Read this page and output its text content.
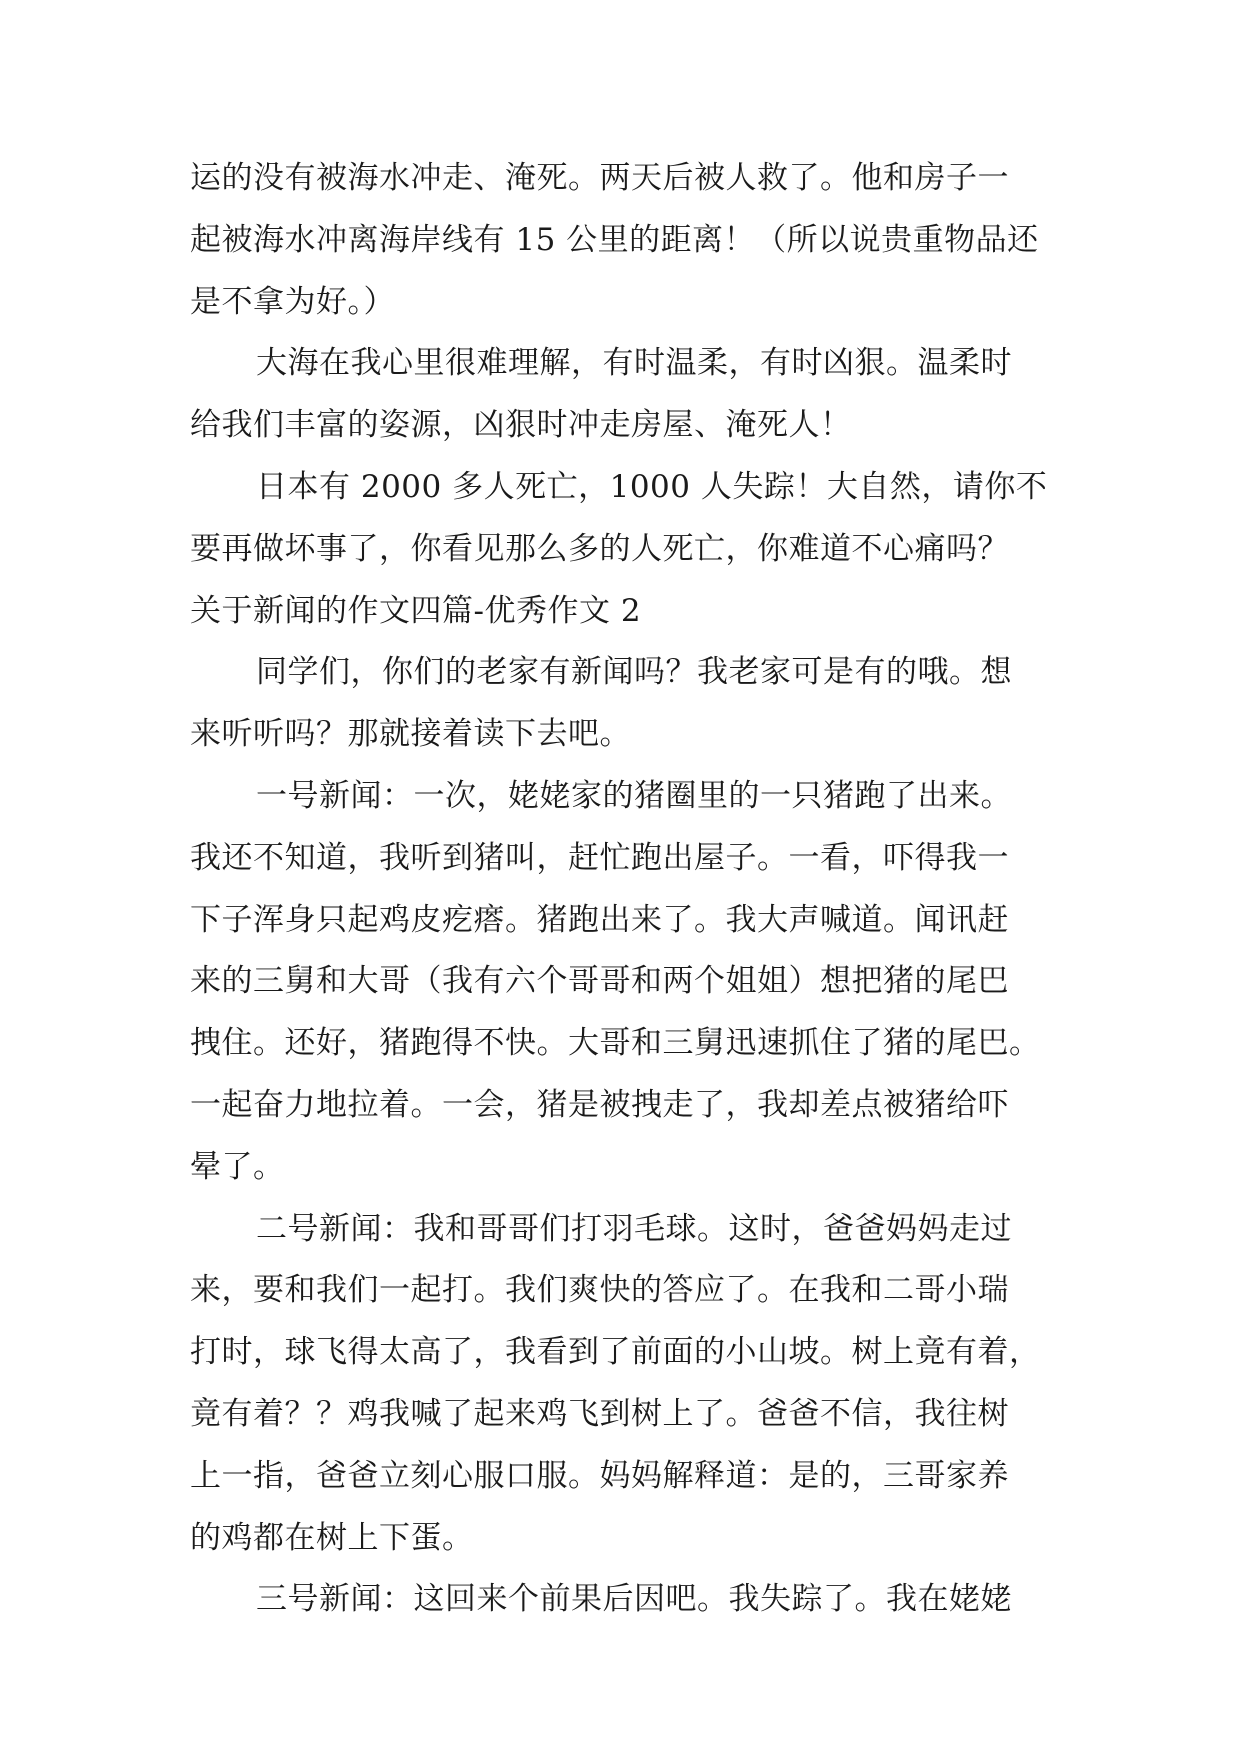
运的没有被海水冲走、淹死。两天后被人救了。他和房子一
起被海水冲离海岸线有 15 公里的距离！（所以说贵重物品还
是不拿为好。）
大海在我心里很难理解，有时温柔，有时凶狠。温柔时
给我们丰富的姿源，凶狠时冲走房屋、淹死人！
日本有 2000 多人死亡，1000 人失踪！大自然，请你不
要再做坏事了，你看见那么多的人死亡，你难道不心痛吗？
关于新闻的作文四篇-优秀作文 2
同学们，你们的老家有新闻吗？我老家可是有的哦。想
来听听吗？那就接着读下去吧。
一号新闻：一次，姥姥家的猪圈里的一只猪跑了出来。
我还不知道，我听到猪叫，赶忙跑出屋子。一看，吓得我一
下子浑身只起鸡皮疙瘩。猪跑出来了。我大声喊道。闻讯赶
来的三舅和大哥（我有六个哥哥和两个姐姐）想把猪的尾巴
拽住。还好，猪跑得不快。大哥和三舅迅速抓住了猪的尾巴。
一起奋力地拉着。一会，猪是被拽走了，我却差点被猪给吓
晕了。
二号新闻：我和哥哥们打羽毛球。这时，爸爸妈妈走过
来，要和我们一起打。我们爽快的答应了。在我和二哥小瑞
打时，球飞得太高了，我看到了前面的小山坡。树上竟有着，
竟有着？？鸡我喊了起来鸡飞到树上了。爸爸不信，我往树
上一指，爸爸立刻心服口服。妈妈解释道：是的，三哥家养
的鸡都在树上下蛋。
三号新闻：这回来个前果后因吧。我失踪了。我在姥姥
